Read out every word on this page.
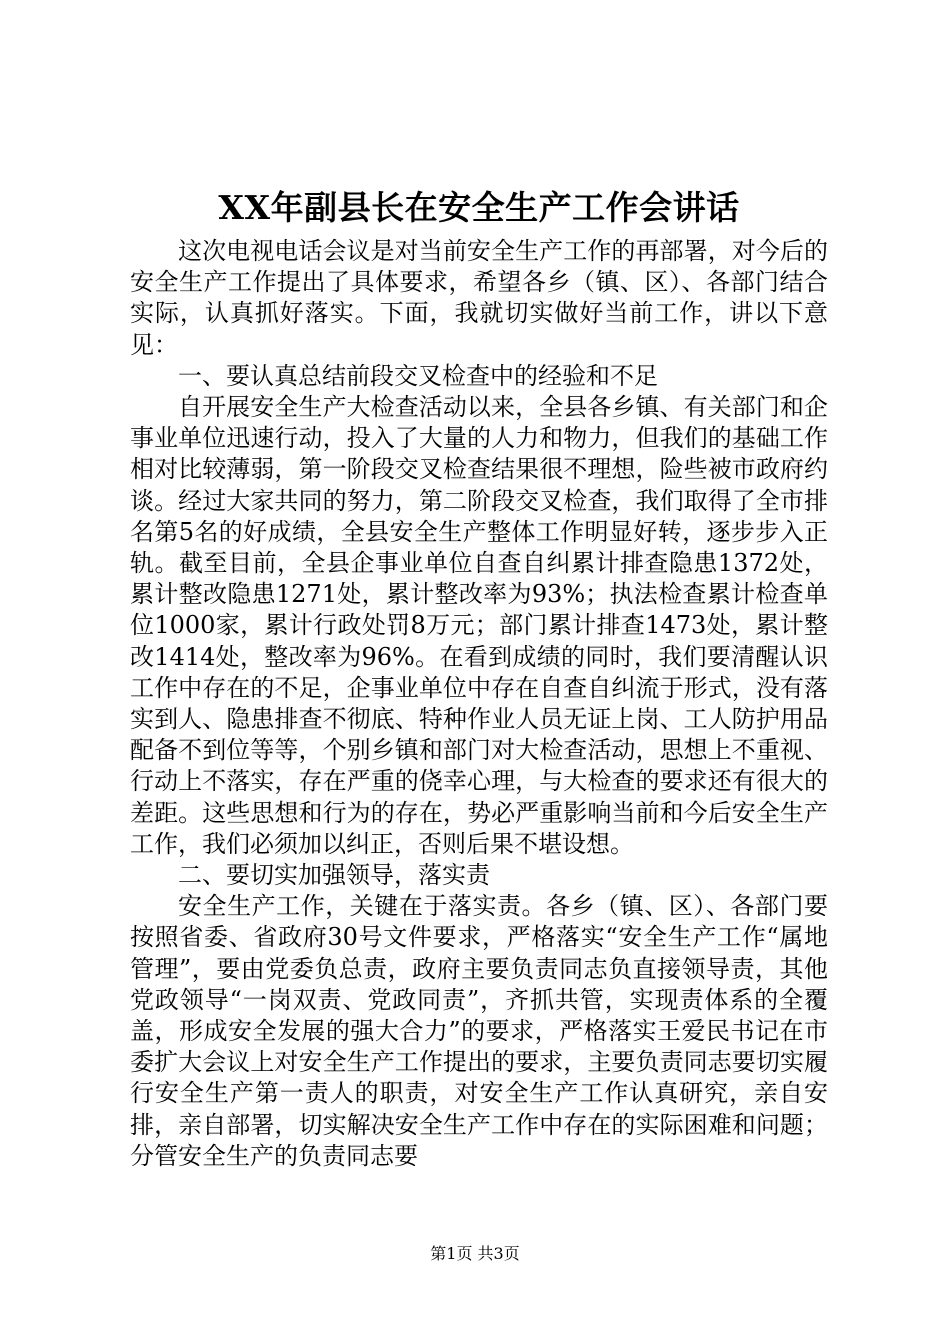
XX年副县长在安全生产工作会讲话

这次电视电话会议是对当前安全生产工作的再部署，对今后的安全生产工作提出了具体要求，希望各乡（镇、区）、各部门结合实际，认真抓好落实。下面，我就切实做好当前工作，讲以下意见：

一、要认真总结前段交叉检查中的经验和不足

自开展安全生产大检查活动以来，全县各乡镇、有关部门和企事业单位迅速行动，投入了大量的人力和物力，但我们的基础工作相对比较薄弱，第一阶段交叉检查结果很不理想，险些被市政府约谈。经过大家共同的努力，第二阶段交叉检查，我们取得了全市排名第5名的好成绩，全县安全生产整体工作明显好转，逐步步入正轨。截至目前，全县企事业单位自查自纠累计排查隐患1372处，累计整改隐患1271处，累计整改率为93%；执法检查累计检查单位1000家，累计行政处罚8万元；部门累计排查1473处，累计整改1414处，整改率为96%。在看到成绩的同时，我们要清醒认识工作中存在的不足，企事业单位中存在自查自纠流于形式，没有落实到人、隐患排查不彻底、特种作业人员无证上岗、工人防护用品配备不到位等等，个别乡镇和部门对大检查活动，思想上不重视、行动上不落实，存在严重的侥幸心理，与大检查的要求还有很大的差距。这些思想和行为的存在，势必严重影响当前和今后安全生产工作，我们必须加以纠正，否则后果不堪设想。

二、要切实加强领导，落实责

安全生产工作，关键在于落实责。各乡（镇、区）、各部门要按照省委、省政府30号文件要求，严格落实“安全生产工作“属地管理”，要由党委负总责，政府主要负责同志负直接领导责，其他党政领导“一岗双责、党政同责”，齐抓共管，实现责体系的全覆盖，形成安全发展的强大合力”的要求，严格落实王爱民书记在市委扩大会议上对安全生产工作提出的要求，主要负责同志要切实履行安全生产第一责人的职责，对安全生产工作认真研究，亲自安排，亲自部署，切实解决安全生产工作中存在的实际困难和问题；分管安全生产的负责同志要

第1页 共3页
